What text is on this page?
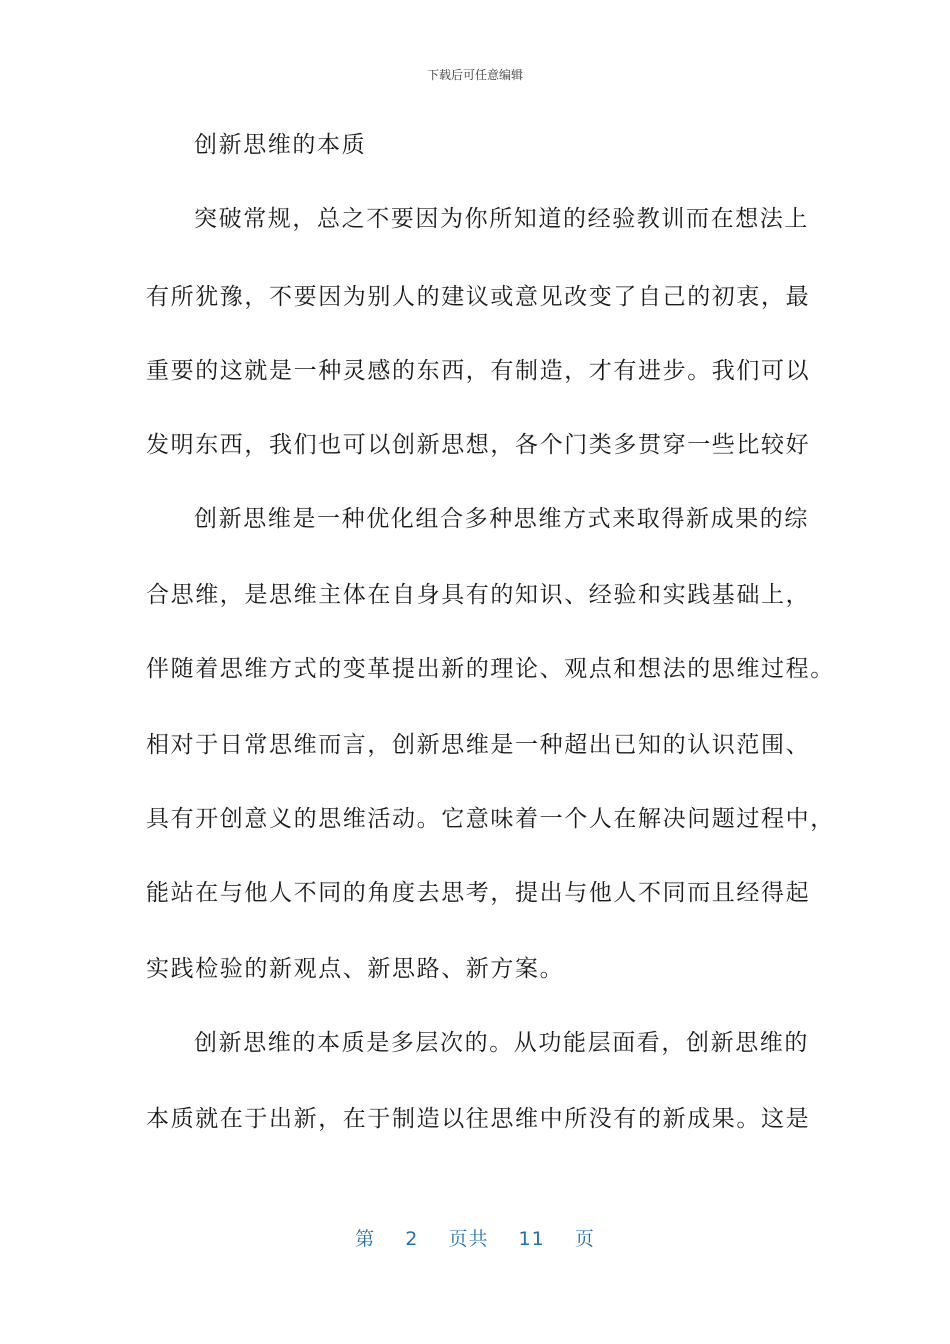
下载后可任意编辑
创新思维的本质
突破常规，总之不要因为你所知道的经验教训而在想法上
有所犹豫，不要因为别人的建议或意见改变了自己的初衷，最
重要的这就是一种灵感的东西，有制造，才有进步。我们可以
发明东西，我们也可以创新思想，各个门类多贯穿一些比较好
创新思维是一种优化组合多种思维方式来取得新成果的综
合思维，是思维主体在自身具有的知识、经验和实践基础上，
伴随着思维方式的变革提出新的理论、观点和想法的思维过程。
相对于日常思维而言，创新思维是一种超出已知的认识范围、
具有开创意义的思维活动。它意味着一个人在解决问题过程中，
能站在与他人不同的角度去思考，提出与他人不同而且经得起
实践检验的新观点、新思路、新方案。
创新思维的本质是多层次的。从功能层面看，创新思维的
本质就在于出新，在于制造以往思维中所没有的新成果。这是
第 2 页共 11 页
